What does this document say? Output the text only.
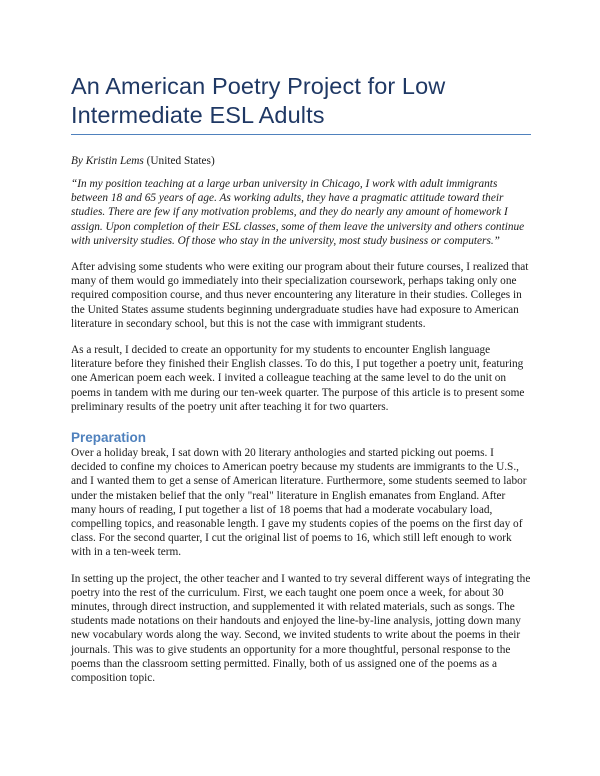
An American Poetry Project for Low Intermediate ESL Adults

By Kristin Lems (United States)

“In my position teaching at a large urban university in Chicago, I work with adult immigrants between 18 and 65 years of age. As working adults, they have a pragmatic attitude toward their studies. There are few if any motivation problems, and they do nearly any amount of homework I assign. Upon completion of their ESL classes, some of them leave the university and others continue with university studies. Of those who stay in the university, most study business or computers.”

After advising some students who were exiting our program about their future courses, I realized that many of them would go immediately into their specialization coursework, perhaps taking only one required composition course, and thus never encountering any literature in their studies. Colleges in the United States assume students beginning undergraduate studies have had exposure to American literature in secondary school, but this is not the case with immigrant students.

As a result, I decided to create an opportunity for my students to encounter English language literature before they finished their English classes. To do this, I put together a poetry unit, featuring one American poem each week. I invited a colleague teaching at the same level to do the unit on poems in tandem with me during our ten-week quarter. The purpose of this article is to present some preliminary results of the poetry unit after teaching it for two quarters.

Preparation

Over a holiday break, I sat down with 20 literary anthologies and started picking out poems. I decided to confine my choices to American poetry because my students are immigrants to the U.S., and I wanted them to get a sense of American literature. Furthermore, some students seemed to labor under the mistaken belief that the only "real" literature in English emanates from England. After many hours of reading, I put together a list of 18 poems that had a moderate vocabulary load, compelling topics, and reasonable length. I gave my students copies of the poems on the first day of class. For the second quarter, I cut the original list of poems to 16, which still left enough to work with in a ten-week term.

In setting up the project, the other teacher and I wanted to try several different ways of integrating the poetry into the rest of the curriculum. First, we each taught one poem once a week, for about 30 minutes, through direct instruction, and supplemented it with related materials, such as songs. The students made notations on their handouts and enjoyed the line-by-line analysis, jotting down many new vocabulary words along the way. Second, we invited students to write about the poems in their journals. This was to give students an opportunity for a more thoughtful, personal response to the poems than the classroom setting permitted. Finally, both of us assigned one of the poems as a composition topic.
